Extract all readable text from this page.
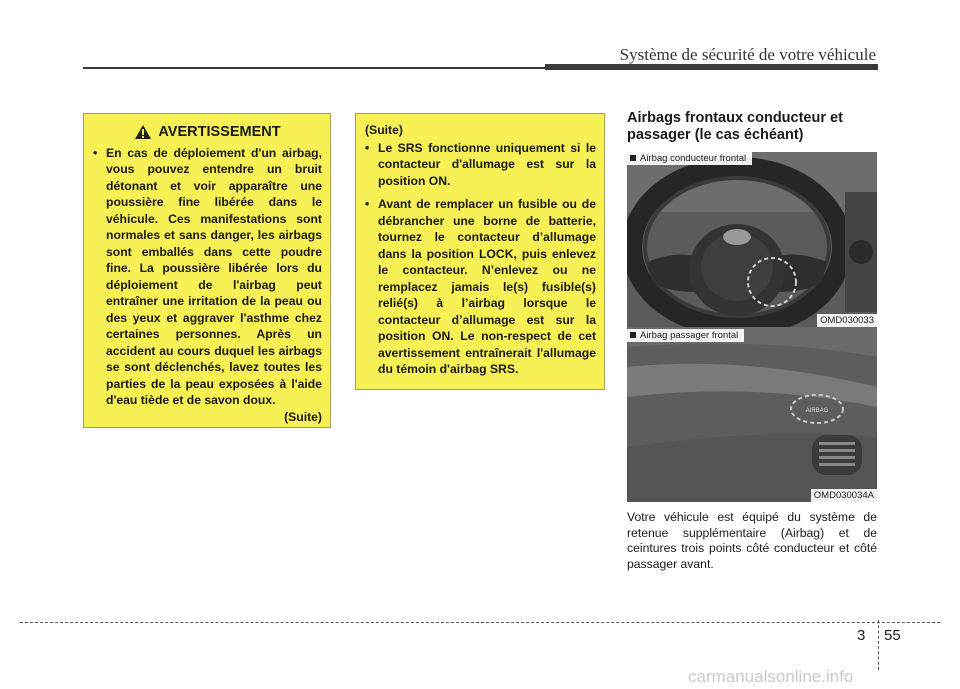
Système de sécurité de votre véhicule
AVERTISSEMENT
• En cas de déploiement d'un airbag, vous pouvez entendre un bruit détonant et voir apparaître une poussière fine libérée dans le véhicule. Ces manifestations sont normales et sans danger, les airbags sont emballés dans cette poudre fine. La poussière libérée lors du déploiement de l'airbag peut entraîner une irritation de la peau ou des yeux et aggraver l'asthme chez certaines personnes. Après un accident au cours duquel les airbags se sont déclenchés, lavez toutes les parties de la peau exposées à l'aide d'eau tiède et de savon doux.
(Suite)
(Suite)
• Le SRS fonctionne uniquement si le contacteur d'allumage est sur la position ON.
• Avant de remplacer un fusible ou de débrancher une borne de batterie, tournez le contacteur d’allumage dans la position LOCK, puis enlevez le contacteur. N’enlevez ou ne remplacez jamais le(s) fusible(s) relié(s) à l’airbag lorsque le contacteur d’allumage est sur la position ON. Le non-respect de cet avertissement entraînerait l'allumage du témoin d'airbag SRS.
Airbags frontaux conducteur et passager (le cas échéant)
Airbag conducteur frontal
OMD030033
AIRBAG
Airbag passager frontal
OMD030034A
Votre véhicule est équipé du système de retenue supplémentaire (Airbag) et de ceintures trois points côté conducteur et côté passager avant.
3 55
carmanualsonline.info
